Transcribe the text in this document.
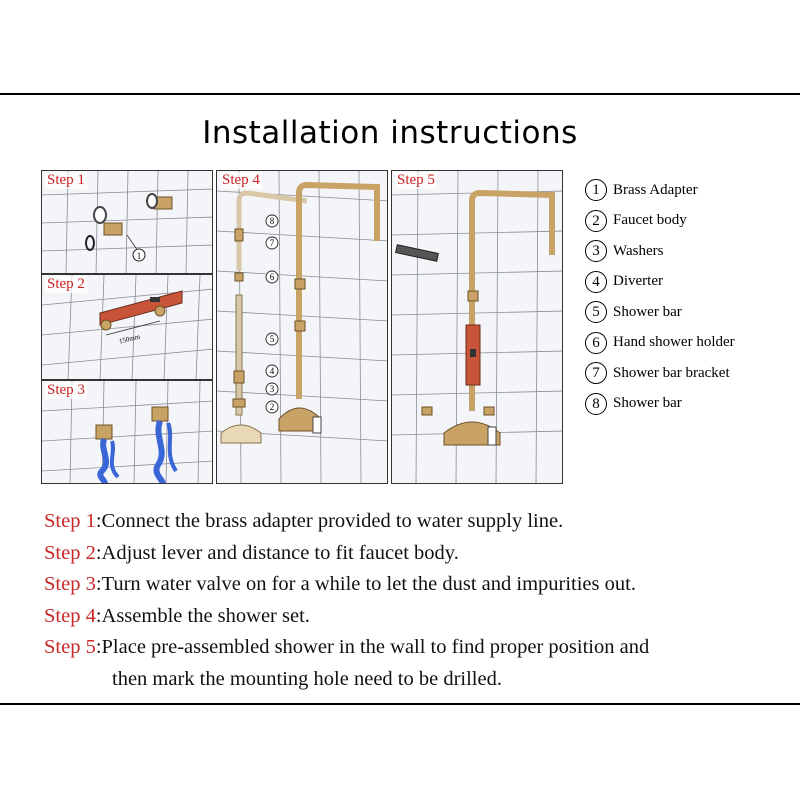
Installation instructions
1
Step 1
150mm
Step 2
Step 3
8
7
6
5
4
3
2
Step 4	Step 5
1 Brass Adapter
2 Faucet body
3 Washers
4 Diverter
5 Shower bar
6 Hand shower holder
7 Shower bar bracket
8 Shower bar
Step 1:Connect the brass adapter provided to water supply line.
Step 2:Adjust lever and distance to fit faucet body.
Step 3:Turn water valve on for a while to let the dust and impurities out.
Step 4:Assemble the shower set.
Step 5:Place pre-assembled shower in the wall to find proper position and
then mark the mounting hole need to be drilled.
